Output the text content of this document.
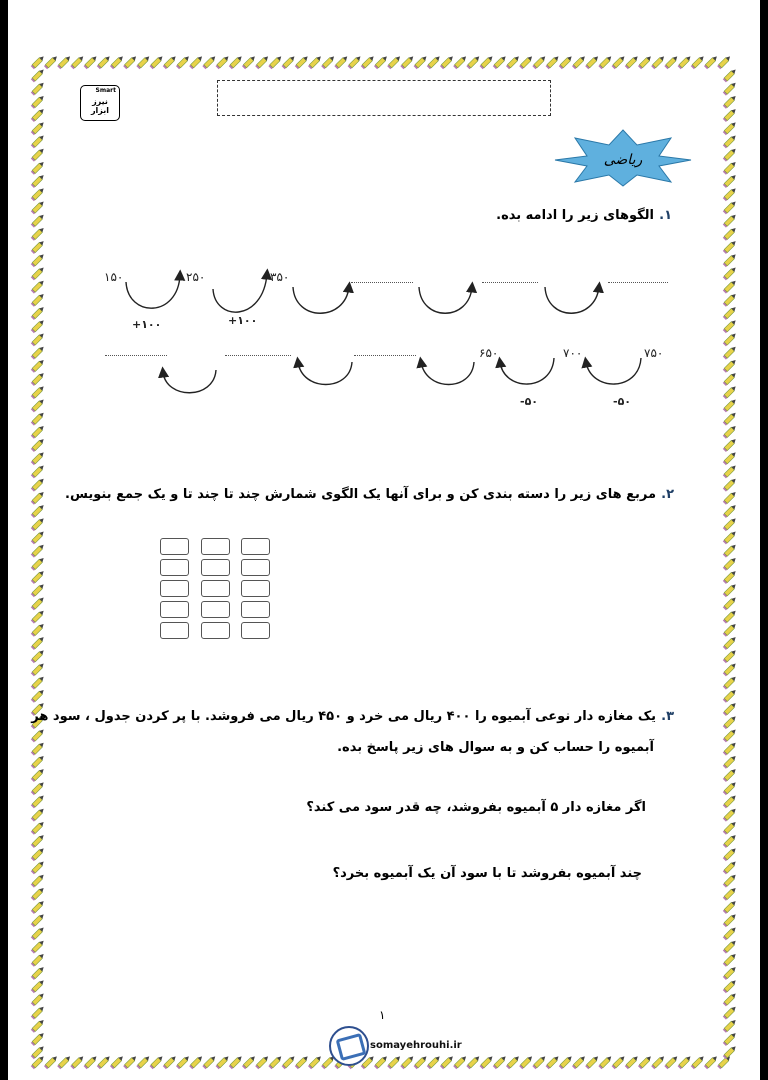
Smart
نیرز ابزار
ریاضی
۱. الگوهای زیر را ادامه بده.
۱۵۰	۲۵۰	۳۵۰
+۱۰۰	+۱۰۰
۶۵۰	۷۰۰	۷۵۰
-۵۰	-۵۰
۲. مربع های زیر را دسته بندی کن و برای آنها یک الگوی شمارش چند تا چند تا و یک جمع بنویس.
۳. یک مغازه دار نوعی آبمیوه را ۴۰۰ ریال می خرد و ۴۵۰ ریال می فروشد. با پر کردن جدول ، سود هر
آبمیوه را حساب کن و به سوال های زیر پاسخ بده.
اگر مغازه دار ۵ آبمیوه بفروشد، چه قدر سود می کند؟
چند آبمیوه بفروشد تا با سود آن یک آبمیوه بخرد؟
۱
somayehrouhi.ir
